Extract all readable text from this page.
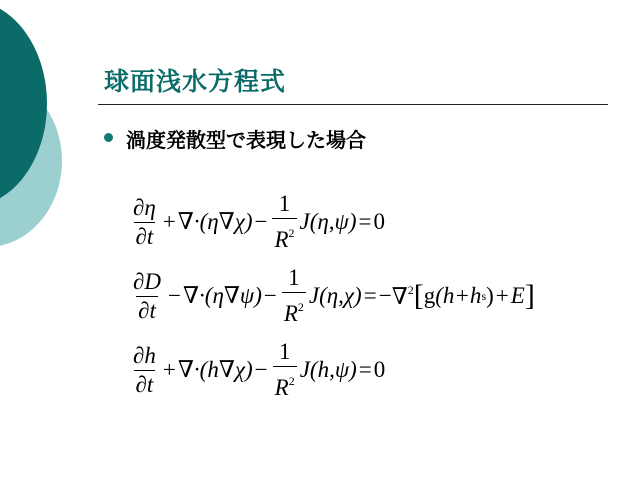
球面浅水方程式
渦度発散型で表現した場合
$\frac{\partial\eta}{\partial t} + \nabla\cdot(\eta\nabla\chi) - \frac{1}{R^2} J(\eta,\psi) = 0$
$\frac{\partial D}{\partial t} - \nabla\cdot(\eta\nabla\psi) - \frac{1}{R^2} J(\eta,\chi)$ = − ∇$^2$ [ g (h+h s ) + E ]
$\frac{\partial h}{\partial t} + \nabla\cdot(h\nabla\chi) - \frac{1}{R^2} J(h,\psi) = 0$
